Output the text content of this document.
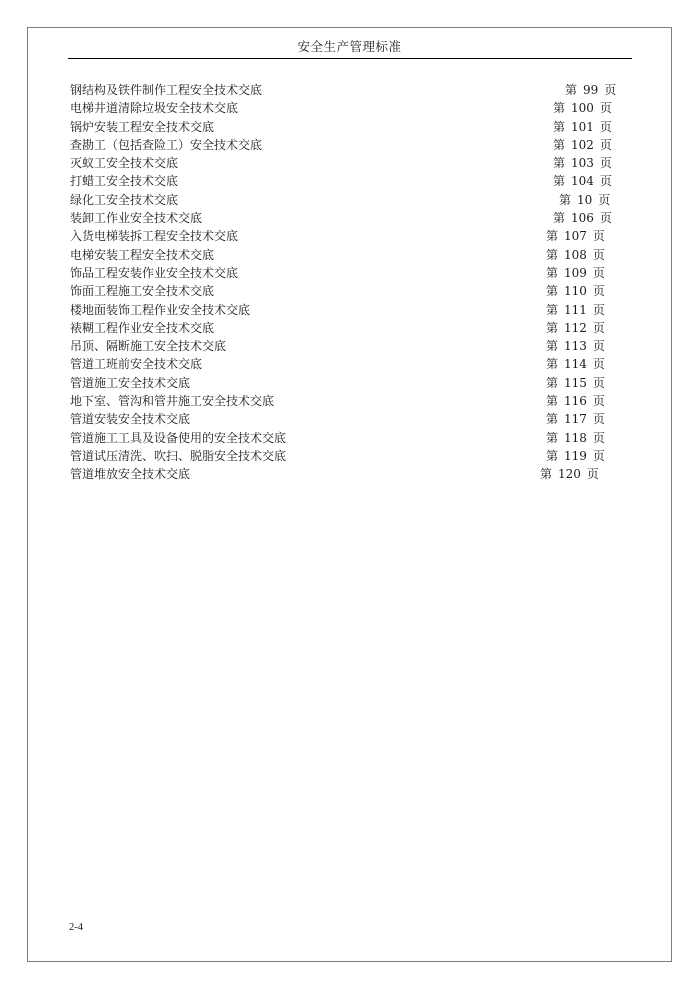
安全生产管理标准
钢结构及铁件制作工程安全技术交底	第 99 页
电梯井道清除垃圾安全技术交底	第 100 页
锅炉安装工程安全技术交底	第 101 页
查勘工（包括查险工）安全技术交底	第 102 页
灭蚁工安全技术交底	第 103 页
打蜡工安全技术交底	第 104 页
绿化工安全技术交底	第 10 页
装卸工作业安全技术交底	第 106 页
入货电梯装拆工程安全技术交底	第 107 页
电梯安装工程安全技术交底	第 108 页
饰品工程安装作业安全技术交底	第 109 页
饰面工程施工安全技术交底	第 110 页
楼地面装饰工程作业安全技术交底	第 111 页
裱糊工程作业安全技术交底	第 112 页
吊顶、隔断施工安全技术交底	第 113 页
管道工班前安全技术交底	第 114 页
管道施工安全技术交底	第 115 页
地下室、管沟和管井施工安全技术交底	第 116 页
管道安装安全技术交底	第 117 页
管道施工工具及设备使用的安全技术交底	第 118 页
管道试压清洗、吹扫、脱脂安全技术交底	第 119 页
管道堆放安全技术交底	第 120 页
2-4
